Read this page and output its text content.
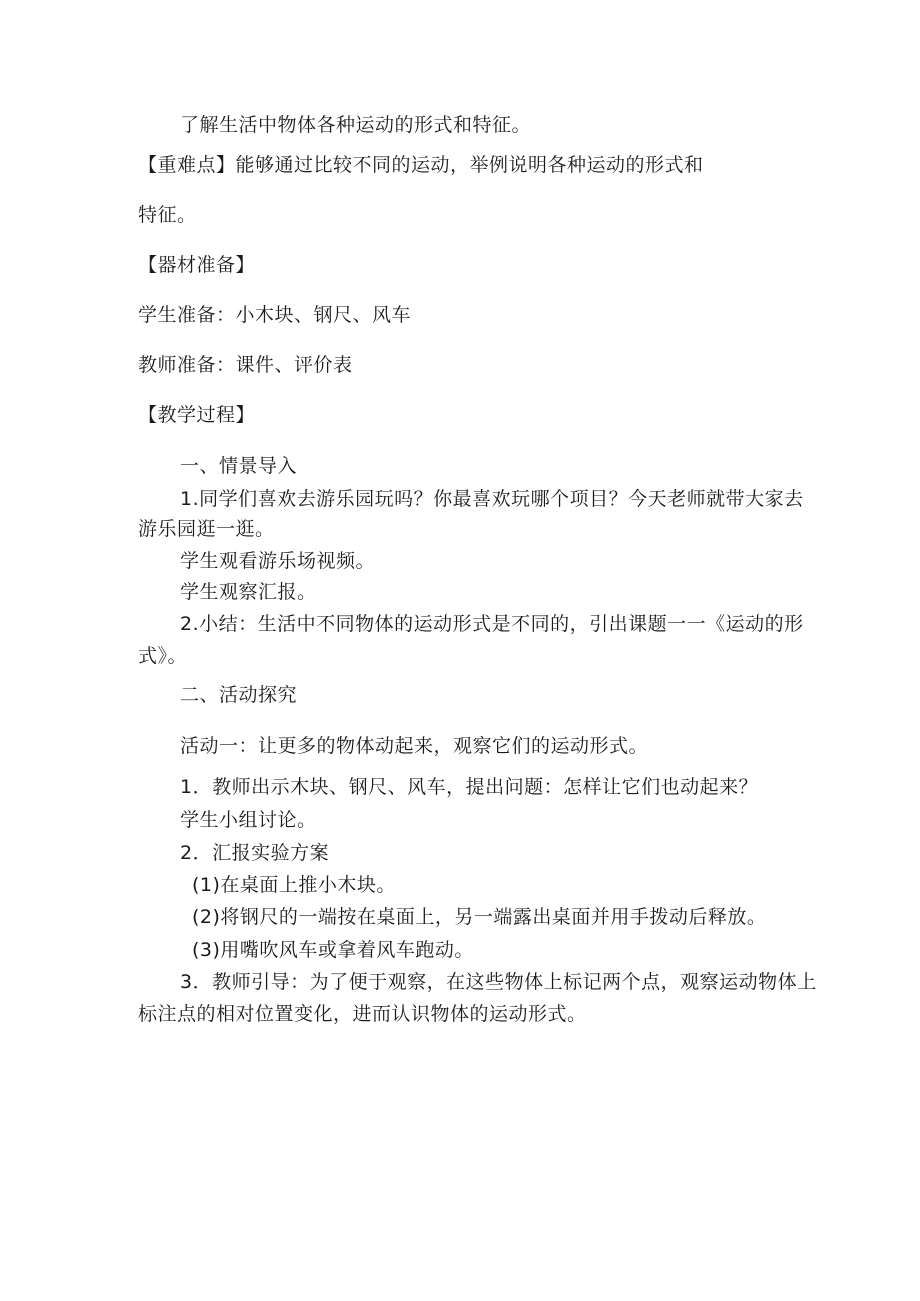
了解生活中物体各种运动的形式和特征。
【重难点】能够通过比较不同的运动，举例说明各种运动的形式和
特征。
【器材准备】
学生准备：小木块、钢尺、风车
教师准备：课件、评价表
【教学过程】
一、情景导入
1.同学们喜欢去游乐园玩吗？你最喜欢玩哪个项目？今天老师就带大家去
游乐园逛一逛。
学生观看游乐场视频。
学生观察汇报。
2.小结：生活中不同物体的运动形式是不同的，引出课题一一《运动的形
式》。
二、活动探究
活动一：让更多的物体动起来，观察它们的运动形式。
1．教师出示木块、钢尺、风车，提出问题：怎样让它们也动起来？
学生小组讨论。
2．汇报实验方案
(1)在桌面上推小木块。
(2)将钢尺的一端按在桌面上，另一端露出桌面并用手拨动后释放。
(3)用嘴吹风车或拿着风车跑动。
3．教师引导：为了便于观察，在这些物体上标记两个点，观察运动物体上
标注点的相对位置变化，进而认识物体的运动形式。
